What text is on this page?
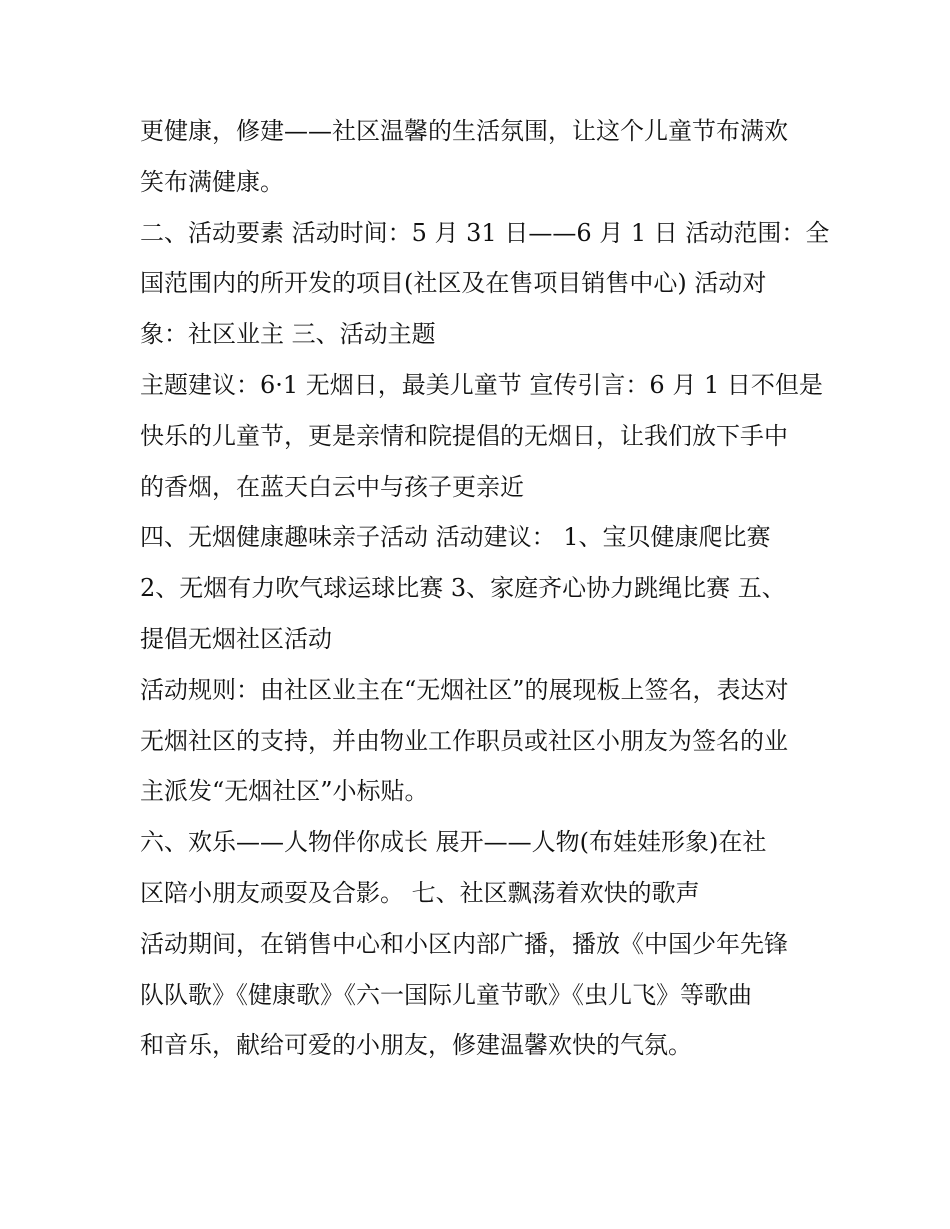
更健康，修建——社区温馨的生活氛围，让这个儿童节布满欢
笑布满健康。
二、活动要素 活动时间：5 月 31 日——6 月 1 日 活动范围：全
国范围内的所开发的项目(社区及在售项目销售中心) 活动对
象：社区业主 三、活动主题
主题建议：6·1 无烟日，最美儿童节 宣传引言：6 月 1 日不但是
快乐的儿童节，更是亲情和院提倡的无烟日，让我们放下手中
的香烟，在蓝天白云中与孩子更亲近
四、无烟健康趣味亲子活动 活动建议： 1、宝贝健康爬比赛
2、无烟有力吹气球运球比赛 3、家庭齐心协力跳绳比赛 五、
提倡无烟社区活动
活动规则：由社区业主在“无烟社区”的展现板上签名，表达对
无烟社区的支持，并由物业工作职员或社区小朋友为签名的业
主派发“无烟社区”小标贴。
六、欢乐——人物伴你成长 展开——人物(布娃娃形象)在社
区陪小朋友顽耍及合影。 七、社区飘荡着欢快的歌声
活动期间，在销售中心和小区内部广播，播放《中国少年先锋
队队歌》《健康歌》《六一国际儿童节歌》《虫儿飞》等歌曲
和音乐，献给可爱的小朋友，修建温馨欢快的气氛。
